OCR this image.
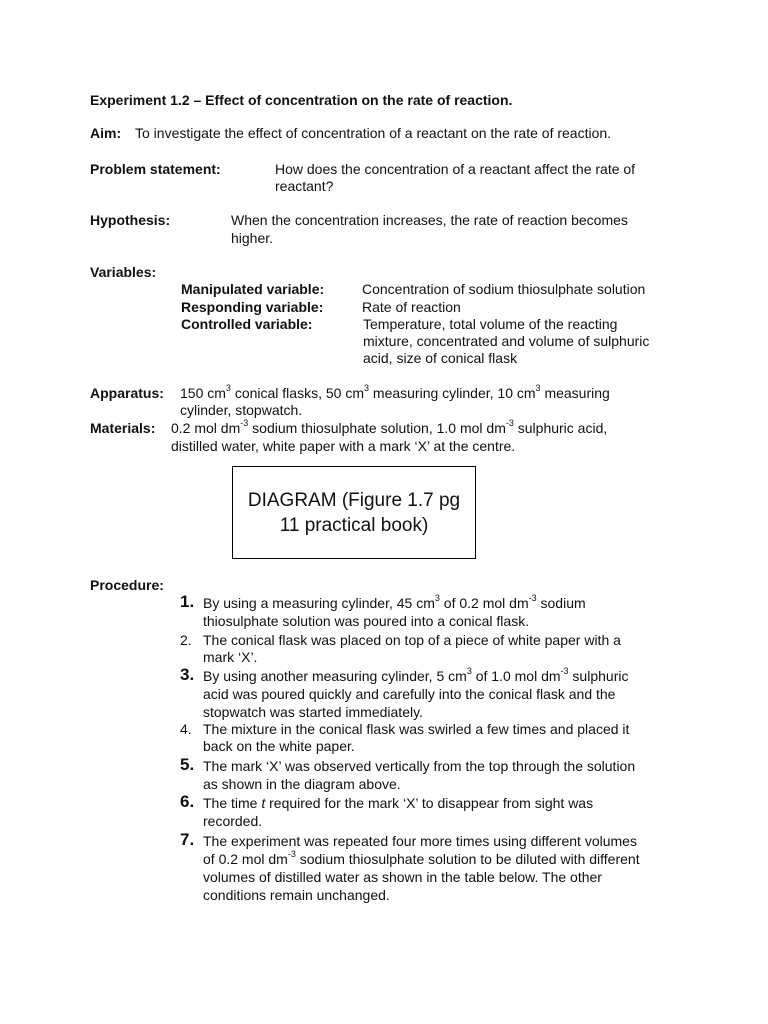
Experiment 1.2 – Effect of concentration on the rate of reaction.
Aim: To investigate the effect of concentration of a reactant on the rate of reaction.
Problem statement:	How does the concentration of a reactant affect the rate of
reactant?
Hypothesis:	When the concentration increases, the rate of reaction becomes
higher.
Variables:
Manipulated variable:	Concentration of sodium thiosulphate solution
Responding variable:	Rate of reaction
Controlled variable:	Temperature, total volume of the reacting
mixture, concentrated and volume of sulphuric
acid, size of conical flask
Apparatus: 150 $cm^3$ conical flasks, 50 $cm^3$ measuring cylinder, 10 $cm^3$ measuring
cylinder, stopwatch.
Materials: 0.2 mol $dm^{-3}$ sodium thiosulphate solution, 1.0 mol $dm^{-3}$ sulphuric acid,
distilled water, white paper with a mark ‘X’ at the centre.
DIAGRAM (Figure 1.7 pg
11 practical book)
Procedure:
1. By using a measuring cylinder, 45 $cm^3$ of 0.2 mol $dm^{-3}$ sodium
thiosulphate solution was poured into a conical flask.
2. The conical flask was placed on top of a piece of white paper with a
mark ‘X’.
3. By using another measuring cylinder, 5 $cm^3$ of 1.0 mol $dm^{-3}$ sulphuric
acid was poured quickly and carefully into the conical flask and the
stopwatch was started immediately.
4. The mixture in the conical flask was swirled a few times and placed it
back on the white paper.
5. The mark ‘X’ was observed vertically from the top through the solution
as shown in the diagram above.
6. The time t required for the mark ‘X’ to disappear from sight was
recorded.
7. The experiment was repeated four more times using different volumes
of 0.2 mol $dm^{-3}$ sodium thiosulphate solution to be diluted with different
volumes of distilled water as shown in the table below. The other
conditions remain unchanged.
